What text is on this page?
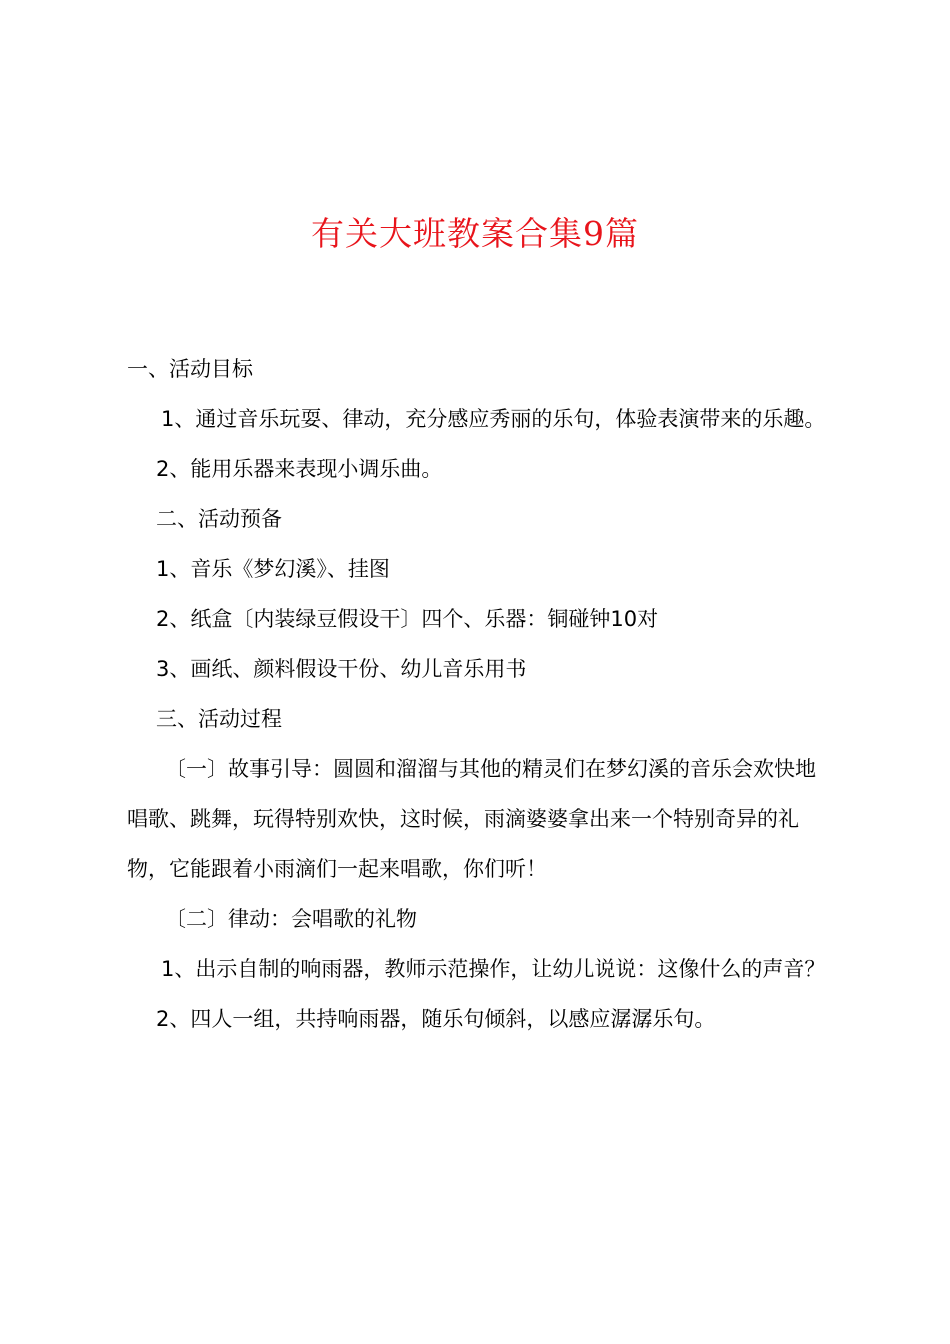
有关大班教案合集9篇

一、活动目标

1、通过音乐玩耍、律动，充分感应秀丽的乐句，体验表演带来的乐趣。

2、能用乐器来表现小调乐曲。

二、活动预备

1、音乐《梦幻溪》、挂图

2、纸盒〔内装绿豆假设干〕四个、乐器：铜碰钟10对

3、画纸、颜料假设干份、幼儿音乐用书

三、活动过程

〔一〕故事引导：圆圆和溜溜与其他的精灵们在梦幻溪的音乐会欢快地唱歌、跳舞，玩得特别欢快，这时候，雨滴婆婆拿出来一个特别奇异的礼物，它能跟着小雨滴们一起来唱歌，你们听！

〔二〕律动：会唱歌的礼物

1、出示自制的响雨器，教师示范操作，让幼儿说说：这像什么的声音？

2、四人一组，共持响雨器，随乐句倾斜，以感应潺潺乐句。
